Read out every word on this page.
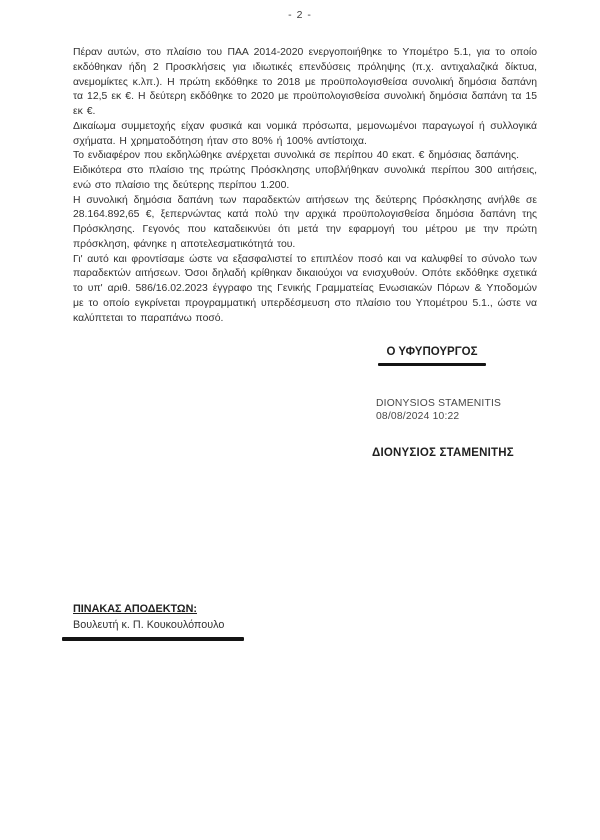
- 2 -

Πέραν αυτών, στο πλαίσιο του ΠΑΑ 2014-2020 ενεργοποιήθηκε το Υπομέτρο 5.1, για το οποίο εκδόθηκαν ήδη 2 Προσκλήσεις για ιδιωτικές επενδύσεις πρόληψης (π.χ. αντιχαλαζικά δίκτυα, ανεμομίκτες κ.λπ.). Η πρώτη εκδόθηκε το 2018 με προϋπολογισθείσα συνολική δημόσια δαπάνη τα 12,5 εκ €. Η δεύτερη εκδόθηκε το 2020 με προϋπολογισθείσα συνολική δημόσια δαπάνη τα 15 εκ €.

Δικαίωμα συμμετοχής είχαν φυσικά και νομικά πρόσωπα, μεμονωμένοι παραγωγοί ή συλλογικά σχήματα. Η χρηματοδότηση ήταν στο 80% ή 100% αντίστοιχα.

Το ενδιαφέρον που εκδηλώθηκε ανέρχεται συνολικά σε περίπου 40 εκατ. € δημόσιας δαπάνης.

Ειδικότερα στο πλαίσιο της πρώτης Πρόσκλησης υποβλήθηκαν συνολικά περίπου 300 αιτήσεις, ενώ στο πλαίσιο της δεύτερης περίπου 1.200.

Η συνολική δημόσια δαπάνη των παραδεκτών αιτήσεων της δεύτερης Πρόσκλησης ανήλθε σε 28.164.892,65 €, ξεπερνώντας κατά πολύ την αρχικά προϋπολογισθείσα δημόσια δαπάνη της Πρόσκλησης. Γεγονός που καταδεικνύει ότι μετά την εφαρμογή του μέτρου με την πρώτη πρόσκληση, φάνηκε η αποτελεσματικότητά του.

Γι' αυτό και φροντίσαμε ώστε να εξασφαλιστεί το επιπλέον ποσό και να καλυφθεί το σύνολο των παραδεκτών αιτήσεων. Όσοι δηλαδή κρίθηκαν δικαιούχοι να ενισχυθούν. Οπότε εκδόθηκε σχετικά το υπ' αριθ. 586/16.02.2023 έγγραφο της Γενικής Γραμματείας Ενωσιακών Πόρων & Υποδομών με το οποίο εγκρίνεται προγραμματική υπερδέσμευση στο πλαίσιο του Υπομέτρου 5.1., ώστε να καλύπτεται το παραπάνω ποσό.

Ο ΥΦΥΠΟΥΡΓΟΣ
DIONYSIOS STAMENITIS
08/08/2024 10:22
ΔΙΟΝΥΣΙΟΣ ΣΤΑΜΕΝΙΤΗΣ
ΠΙΝΑΚΑΣ ΑΠΟΔΕΚΤΩΝ:
Βουλευτή κ. Π. Κουκουλόπουλο
